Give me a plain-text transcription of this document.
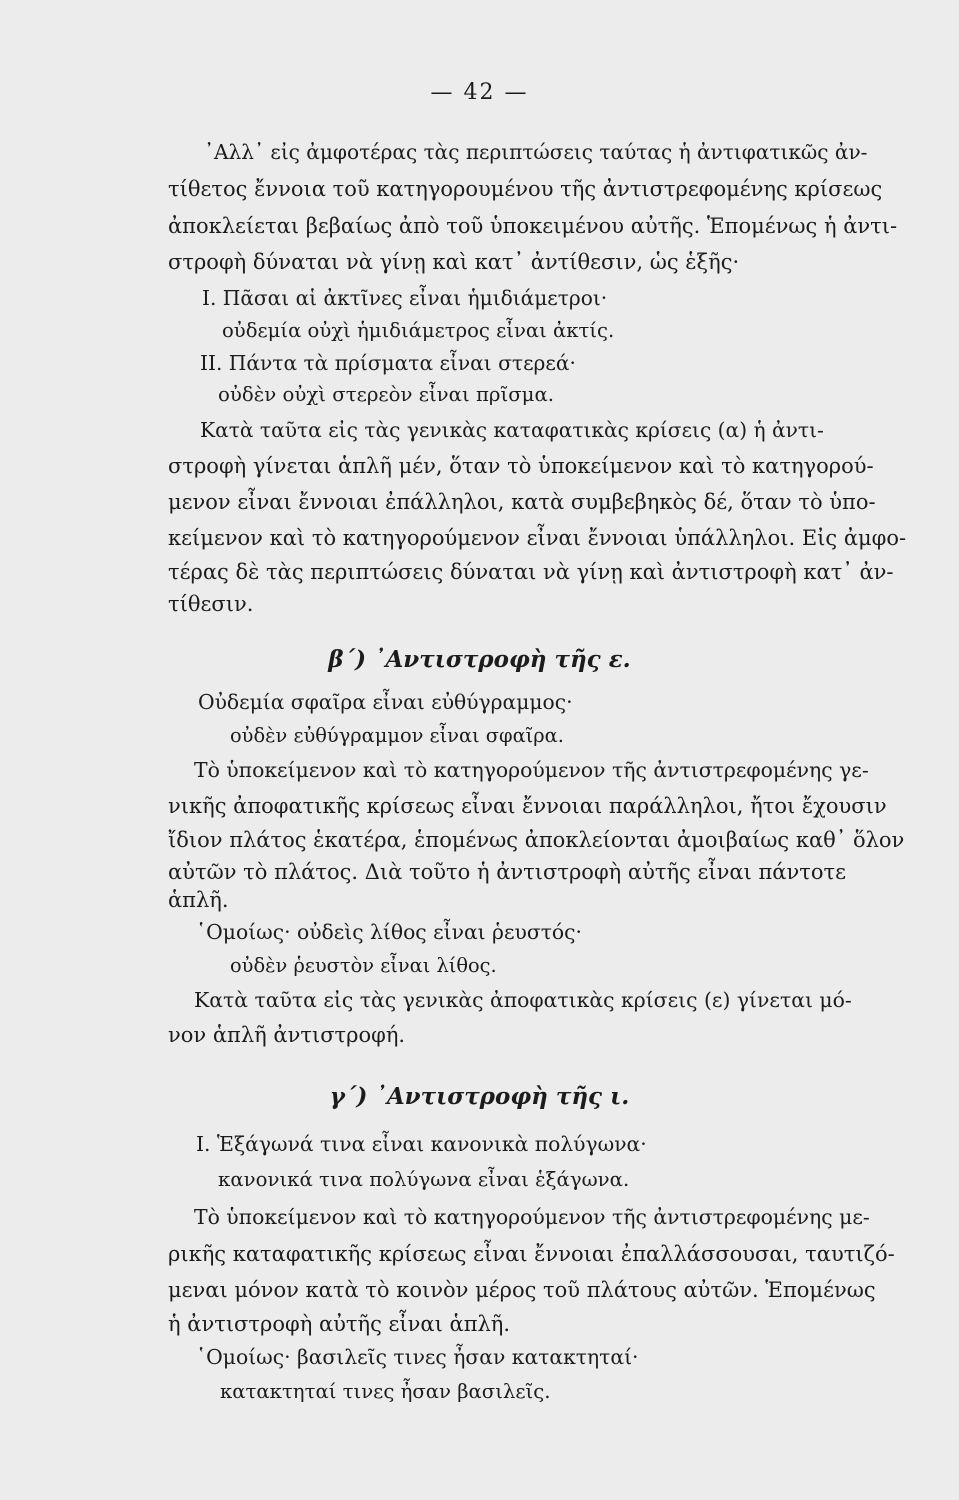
— 42 —
᾿Αλλ᾿ εἰς ἀμφοτέρας τὰς περιπτώσεις ταύτας ἡ ἀντιφατικῶς ἀν-
τίθετος ἔννοια τοῦ κατηγορουμένου τῆς ἀντιστρεφομένης κρίσεως
ἀποκλείεται βεβαίως ἀπὸ τοῦ ὑποκειμένου αὐτῆς. Ἑπομένως ἡ ἀντι-
στροφὴ δύναται νὰ γίνῃ καὶ κατ᾿ ἀντίθεσιν, ὡς ἑξῆς·
I. Πᾶσαι αἱ ἀκτῖνες εἶναι ἡμιδιάμετροι·
οὐδεμία οὐχὶ ἡμιδιάμετρος εἶναι ἀκτίς.
II. Πάντα τὰ πρίσματα εἶναι στερεά·
οὐδὲν οὐχὶ στερεὸν εἶναι πρῖσμα.
Κατὰ ταῦτα εἰς τὰς γενικὰς καταφατικὰς κρίσεις (α) ἡ ἀντι-
στροφὴ γίνεται ἁπλῆ μέν, ὅταν τὸ ὑποκείμενον καὶ τὸ κατηγορού-
μενον εἶναι ἔννοιαι ἐπάλληλοι, κατὰ συμβεβηκὸς δέ, ὅταν τὸ ὑπο-
κείμενον καὶ τὸ κατηγορούμενον εἶναι ἔννοιαι ὑπάλληλοι. Εἰς ἀμφο-
τέρας δὲ τὰς περιπτώσεις δύναται νὰ γίνῃ καὶ ἀντιστροφὴ κατ᾿ ἀν-
τίθεσιν.
β΄) ᾿Αντιστροφὴ τῆς ε.
Οὐδεμία σφαῖρα εἶναι εὐθύγραμμος·
οὐδὲν εὐθύγραμμον εἶναι σφαῖρα.
Τὸ ὑποκείμενον καὶ τὸ κατηγορούμενον τῆς ἀντιστρεφομένης γε-
νικῆς ἀποφατικῆς κρίσεως εἶναι ἔννοιαι παράλληλοι, ἤτοι ἔχουσιν
ἴδιον πλάτος ἑκατέρα, ἑπομένως ἀποκλείονται ἀμοιβαίως καθ᾿ ὅλον
αὐτῶν τὸ πλάτος. Διὰ τοῦτο ἡ ἀντιστροφὴ αὐτῆς εἶναι πάντοτε
ἁπλῆ.
῾Ομοίως· οὐδεὶς λίθος εἶναι ῥευστός·
οὐδὲν ῥευστὸν εἶναι λίθος.
Κατὰ ταῦτα εἰς τὰς γενικὰς ἀποφατικὰς κρίσεις (ε) γίνεται μό-
νον ἁπλῆ ἀντιστροφή.
γ΄) ᾿Αντιστροφὴ τῆς ι.
I. Ἑξάγωνά τινα εἶναι κανονικὰ πολύγωνα·
κανονικά τινα πολύγωνα εἶναι ἑξάγωνα.
Τὸ ὑποκείμενον καὶ τὸ κατηγορούμενον τῆς ἀντιστρεφομένης με-
ρικῆς καταφατικῆς κρίσεως εἶναι ἔννοιαι ἐπαλλάσσουσαι, ταυτιζό-
μεναι μόνον κατὰ τὸ κοινὸν μέρος τοῦ πλάτους αὐτῶν. Ἑπομένως
ἡ ἀντιστροφὴ αὐτῆς εἶναι ἁπλῆ.
῾Ομοίως· βασιλεῖς τινες ἦσαν κατακτηταί·
κατακτηταί τινες ἦσαν βασιλεῖς.
